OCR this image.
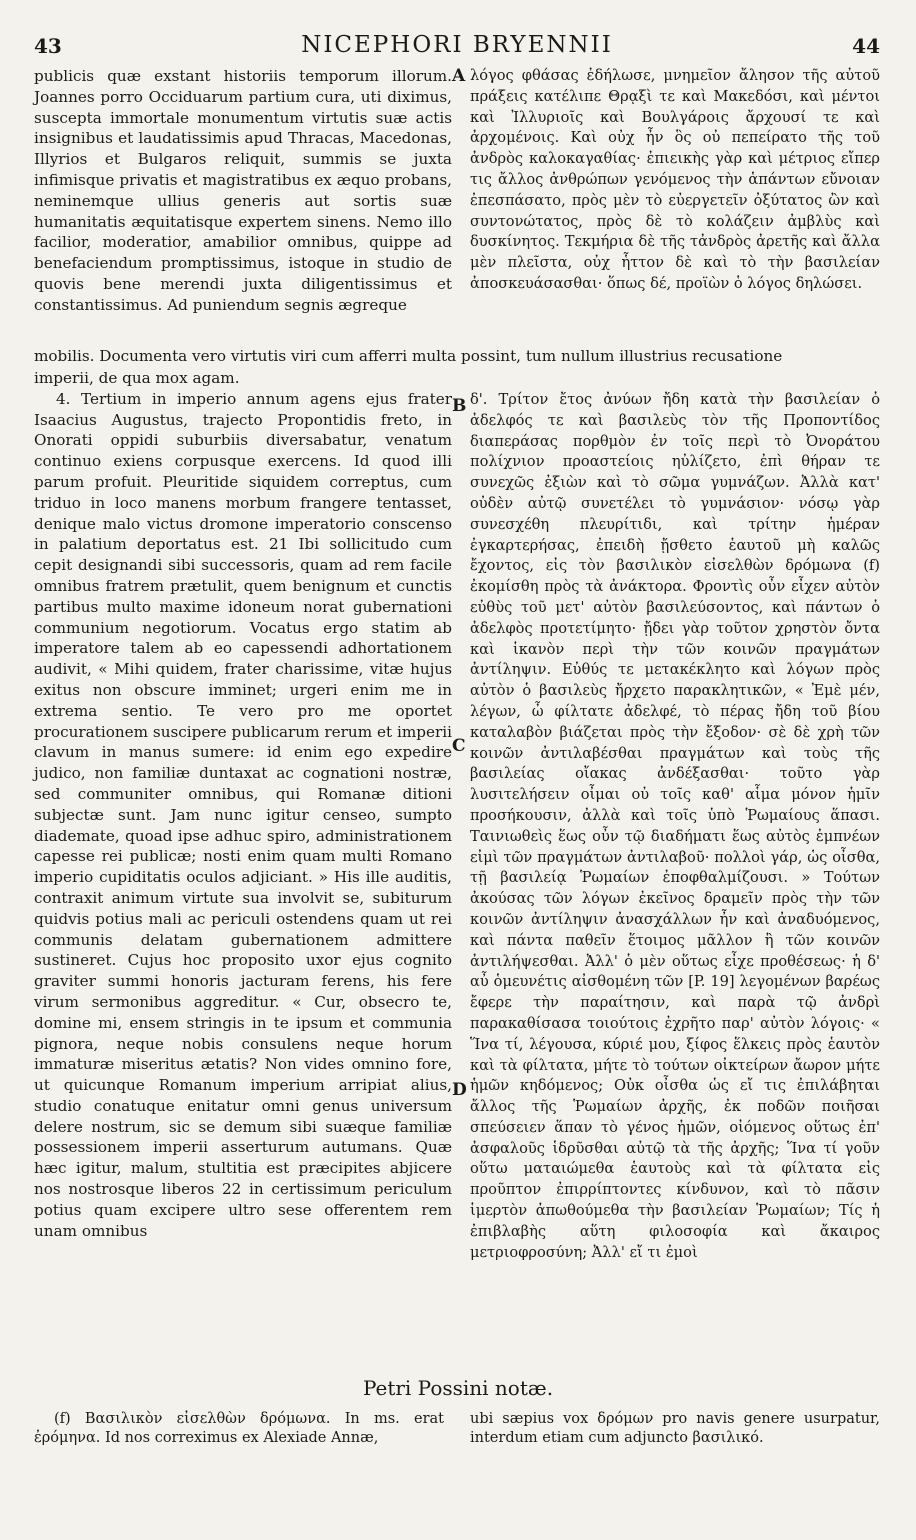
43	NICEPHORI BRYENNII	44

publicis quæ exstant historiis temporum illorum. Joannes porro Occiduarum partium cura, uti diximus, suscepta immortale monumentum virtutis suæ actis insignibus et laudatissimis apud Thracas, Macedonas, Illyrios et Bulgaros reliquit, summis se juxta infimisque privatis et magistratibus ex æquo probans, neminemque ullius generis aut sortis suæ humanitatis æquitatisque expertem sinens. Nemo illo facilior, moderatior, amabilior omnibus, quippe ad benefaciendum promptissimus, istoque in studio de quovis bene merendi juxta diligentissimus et constantissimus. Ad puniendum segnis ægreque

λόγος φθάσας ἐδήλωσε, μνημεῖον ἄλησον τῆς αὐτοῦ πράξεις κατέλιπε Θρᾳξὶ τε καὶ Μακεδόσι, καὶ μέντοι καὶ Ἰλλυριοῖς καὶ Βουλγάροις ἄρχουσί τε καὶ ἀρχομένοις. Καὶ οὐχ ἦν ὃς οὐ πεπείρατο τῆς τοῦ ἀνδρὸς καλοκαγαθίας· ἐπιεικὴς γὰρ καὶ μέτριος εἴπερ τις ἄλλος ἀνθρώπων γενόμενος τὴν ἁπάντων εὔνοιαν ἐπεσπάσατο, πρὸς μὲν τὸ εὐεργετεῖν ὀξύτατος ὢν καὶ συντονώτατος, πρὸς δὲ τὸ κολάζειν ἀμβλὺς καὶ δυσκίνητος. Τεκμήρια δὲ τῆς τἀνδρὸς ἀρετῆς καὶ ἄλλα μὲν πλεῖστα, οὐχ ἧττον δὲ καὶ τὸ τὴν βασιλείαν ἀποσκευάσασθαι· ὅπως δέ, προϊὼν ὁ λόγος δηλώσει.

mobilis. Documenta vero virtutis viri cum afferri multa possint, tum nullum illustrius recusatione

imperii, de qua mox agam.

4. Tertium in imperio annum agens ejus frater Isaacius Augustus, trajecto Propontidis freto, in Onorati oppidi suburbiis diversabatur, venatum continuo exiens corpusque exercens. Id quod illi parum profuit. Pleuritide siquidem correptus, cum triduo in loco manens morbum frangere tentasset, denique malo victus dromone imperatorio conscenso in palatium deportatus est. 21 Ibi sollicitudo cum cepit designandi sibi successoris, quam ad rem facile omnibus fratrem prætulit, quem benignum et cunctis partibus multo maxime idoneum norat gubernationi communium negotiorum. Vocatus ergo statim ab imperatore talem ab eo capessendi adhortationem audivit, « Mihi quidem, frater charissime, vitæ hujus exitus non obscure imminet; urgeri enim me in extrema sentio. Te vero pro me oportet procurationem suscipere publicarum rerum et imperii clavum in manus sumere: id enim ego expedire judico, non familiæ duntaxat ac cognationi nostræ, sed communiter omnibus, qui Romanæ ditioni subjectæ sunt. Jam nunc igitur censeo, sumpto diademate, quoad ipse adhuc spiro, administrationem capesse rei publicæ; nosti enim quam multi Romano imperio cupiditatis oculos adjiciant. » His ille auditis, contraxit animum virtute sua involvit se, subiturum quidvis potius mali ac periculi ostendens quam ut rei communis delatam gubernationem admittere sustineret. Cujus hoc proposito uxor ejus cognito graviter summi honoris jacturam ferens, his fere virum sermonibus aggreditur. « Cur, obsecro te, domine mi, ensem stringis in te ipsum et communia pignora, neque nobis consulens neque horum immaturæ miseritus ætatis? Non vides omnino fore, ut quicunque Romanum imperium arripiat alius, studio conatuque enitatur omni genus universum delere nostrum, sic se demum sibi suæque familiæ possessionem imperii asserturum autumans. Quæ hæc igitur, malum, stultitia est præcipites abjicere nos nostrosque liberos 22 in certissimum periculum potius quam excipere ultro sese offerentem rem unam omnibus

δ'. Τρίτον ἔτος ἀνύων ἤδη κατὰ τὴν βασιλείαν ὁ ἀδελφός τε καὶ βασιλεὺς τὸν τῆς Προποντίδος διαπεράσας πορθμὸν ἐν τοῖς περὶ τὸ Ὀνοράτου πολίχνιον προαστείοις ηὐλίζετο, ἐπὶ θήραν τε συνεχῶς ἐξιὼν καὶ τὸ σῶμα γυμνάζων. Ἀλλὰ κατ' οὐδὲν αὐτῷ συνετέλει τὸ γυμνάσιον· νόσῳ γὰρ συνεσχέθη πλευρίτιδι, καὶ τρίτην ἡμέραν ἐγκαρτερήσας, ἐπειδὴ ᾔσθετο ἑαυτοῦ μὴ καλῶς ἔχοντος, εἰς τὸν βασιλικὸν εἰσελθὼν δρόμωνα (f) ἐκομίσθη πρὸς τὰ ἀνάκτορα. Φροντὶς οὖν εἶχεν αὐτὸν εὐθὺς τοῦ μετ' αὐτὸν βασιλεύσοντος, καὶ πάντων ὁ ἀδελφὸς προτετίμητο· ᾔδει γὰρ τοῦτον χρηστὸν ὄντα καὶ ἱκανὸν περὶ τὴν τῶν κοινῶν πραγμάτων ἀντίληψιν. Εὐθύς τε μετακέκλητο καὶ λόγων πρὸς αὐτὸν ὁ βασιλεὺς ἤρχετο παρακλητικῶν, « Ἐμὲ μέν, λέγων, ὦ φίλτατε ἀδελφέ, τὸ πέρας ἤδη τοῦ βίου καταλαβὸν βιάζεται πρὸς τὴν ἔξοδον· σὲ δὲ χρὴ τῶν κοινῶν ἀντιλαβέσθαι πραγμάτων καὶ τοὺς τῆς βασιλείας οἴακας ἀνδέξασθαι· τοῦτο γὰρ λυσιτελήσειν οἶμαι οὐ τοῖς καθ' αἷμα μόνον ἡμῖν προσήκουσιν, ἀλλὰ καὶ τοῖς ὑπὸ Ῥωμαίους ἅπασι. Ταινιωθεὶς ἕως οὖν τῷ διαδήματι ἕως αὐτὸς ἐμπνέων εἰμὶ τῶν πραγμάτων ἀντιλαβοῦ· πολλοὶ γάρ, ὡς οἶσθα, τῇ βασιλείᾳ Ῥωμαίων ἐποφθαλμίζουσι. » Τούτων ἀκούσας τῶν λόγων ἐκεῖνος δραμεῖν πρὸς τὴν τῶν κοινῶν ἀντίληψιν ἀνασχάλλων ἦν καὶ ἀναδυόμενος, καὶ πάντα παθεῖν ἕτοιμος μᾶλλον ἢ τῶν κοινῶν ἀντιλήψεσθαι. Ἀλλ' ὁ μὲν οὕτως εἶχε προθέσεως· ἡ δ' αὖ ὁμευνέτις αἰσθομένη τῶν [P. 19] λεγομένων βαρέως ἔφερε τὴν παραίτησιν, καὶ παρὰ τῷ ἀνδρὶ παρακαθίσασα τοιούτοις ἐχρῆτο παρ' αὐτὸν λόγοις· « Ἵνα τί, λέγουσα, κύριέ μου, ξίφος ἕλκεις πρὸς ἑαυτὸν καὶ τὰ φίλτατα, μήτε τὸ τούτων οἰκτείρων ἄωρον μήτε ἡμῶν κηδόμενος; Οὐκ οἶσθα ὡς εἴ τις ἐπιλάβηται ἄλλος τῆς Ῥωμαίων ἀρχῆς, ἐκ ποδῶν ποιῆσαι σπεύσειεν ἅπαν τὸ γένος ἡμῶν, οἰόμενος οὕτως ἐπ' ἀσφαλοῦς ἱδρῦσθαι αὐτῷ τὰ τῆς ἀρχῆς; Ἵνα τί γοῦν οὕτω ματαιώμεθα ἑαυτοὺς καὶ τὰ φίλτατα εἰς προῦπτον ἐπιρρίπτοντες κίνδυνον, καὶ τὸ πᾶσιν ἱμερτὸν ἀπωθούμεθα τὴν βασιλείαν Ῥωμαίων; Τίς ἡ ἐπιβλαβὴς αὕτη φιλοσοφία καὶ ἄκαιρος μετριοφροσύνη; Ἀλλ' εἴ τι ἐμοὶ

A
B
C
D
Petri Possini notæ.
(f) Βασιλικὸν εἰσελθὼν δρόμωνα. In ms. erat ἐρόμηνα. Id nos correximus ex Alexiade Annæ,
ubi sæpius vox δρόμων pro navis genere usurpatur, interdum etiam cum adjuncto βασιλικό.
